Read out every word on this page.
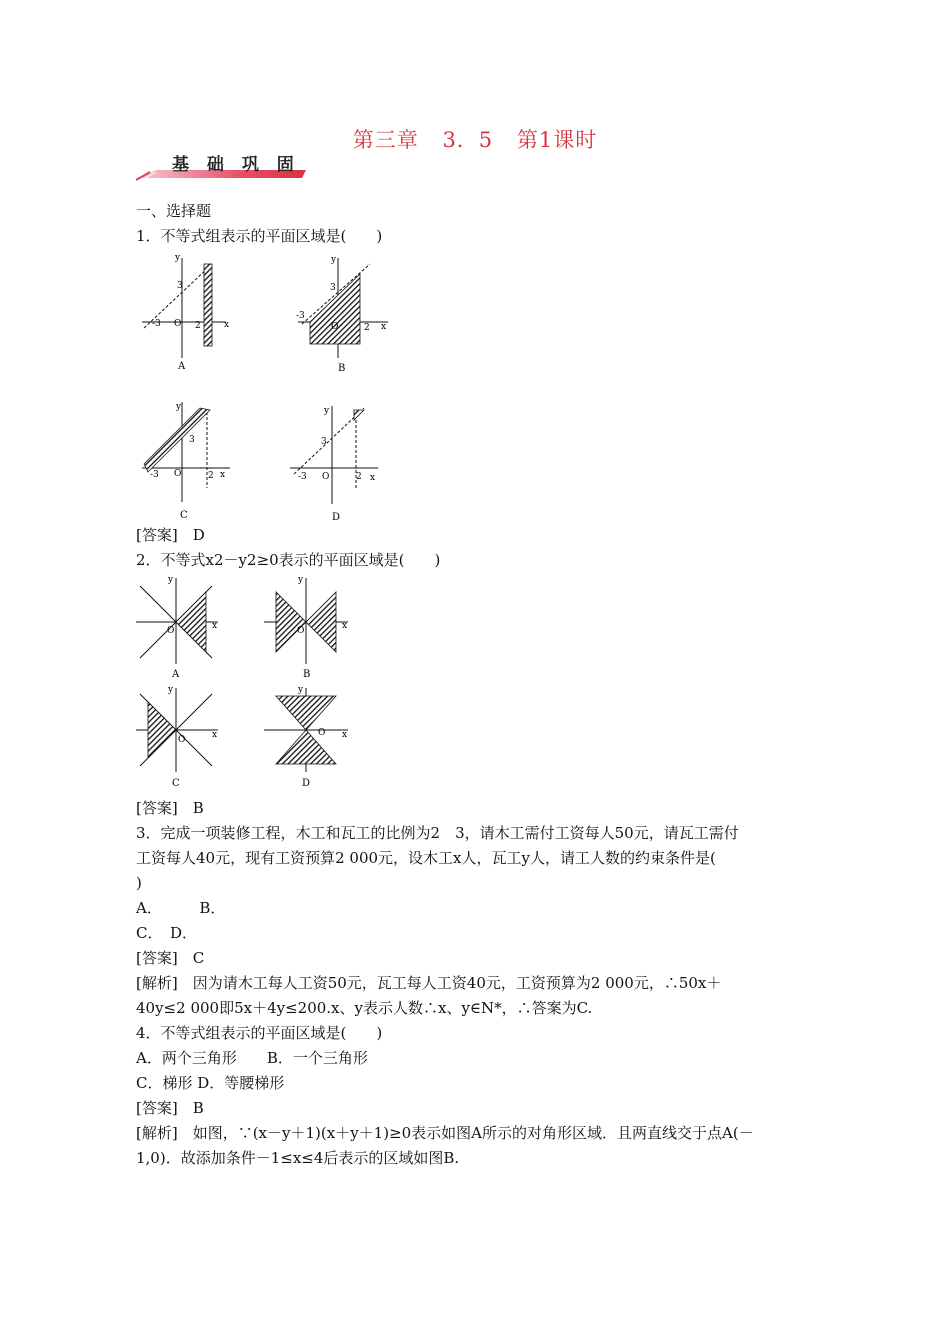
第三章 3．5 第1课时
基 础 巩 固
一、选择题
1．不等式组表示的平面区域是(　　)
y
x
O
-3	2
3
A
y
x
O
-3
2
3
B
y
x
O
-3	2
3
C
y
x
O
-3	2
3
D
[答案]　D
2．不等式x2－y2≥0表示的平面区域是(　　)
y
x
O
A
y
x
O
B
y
x
O
C
y
x
O
D
[答案]　B
3．完成一项装修工程，木工和瓦工的比例为2　3，请木工需付工资每人50元，请瓦工需付
工资每人40元，现有工资预算2 000元，设木工x人，瓦工y人，请工人数的约束条件是(
)
A．　　　B．
C．　D．
[答案]　C
[解析]　因为请木工每人工资50元，瓦工每人工资40元，工资预算为2 000元，∴50x＋
40y≤2 000即5x＋4y≤200.x、y表示人数∴x、y∈N*，∴答案为C.
4．不等式组表示的平面区域是(　　)
A．两个三角形　　B．一个三角形
C．梯形 D．等腰梯形
[答案]　B
[解析]　如图，∵(x－y＋1)(x＋y＋1)≥0表示如图A所示的对角形区域．且两直线交于点A(－
1,0)．故添加条件－1≤x≤4后表示的区域如图B.
